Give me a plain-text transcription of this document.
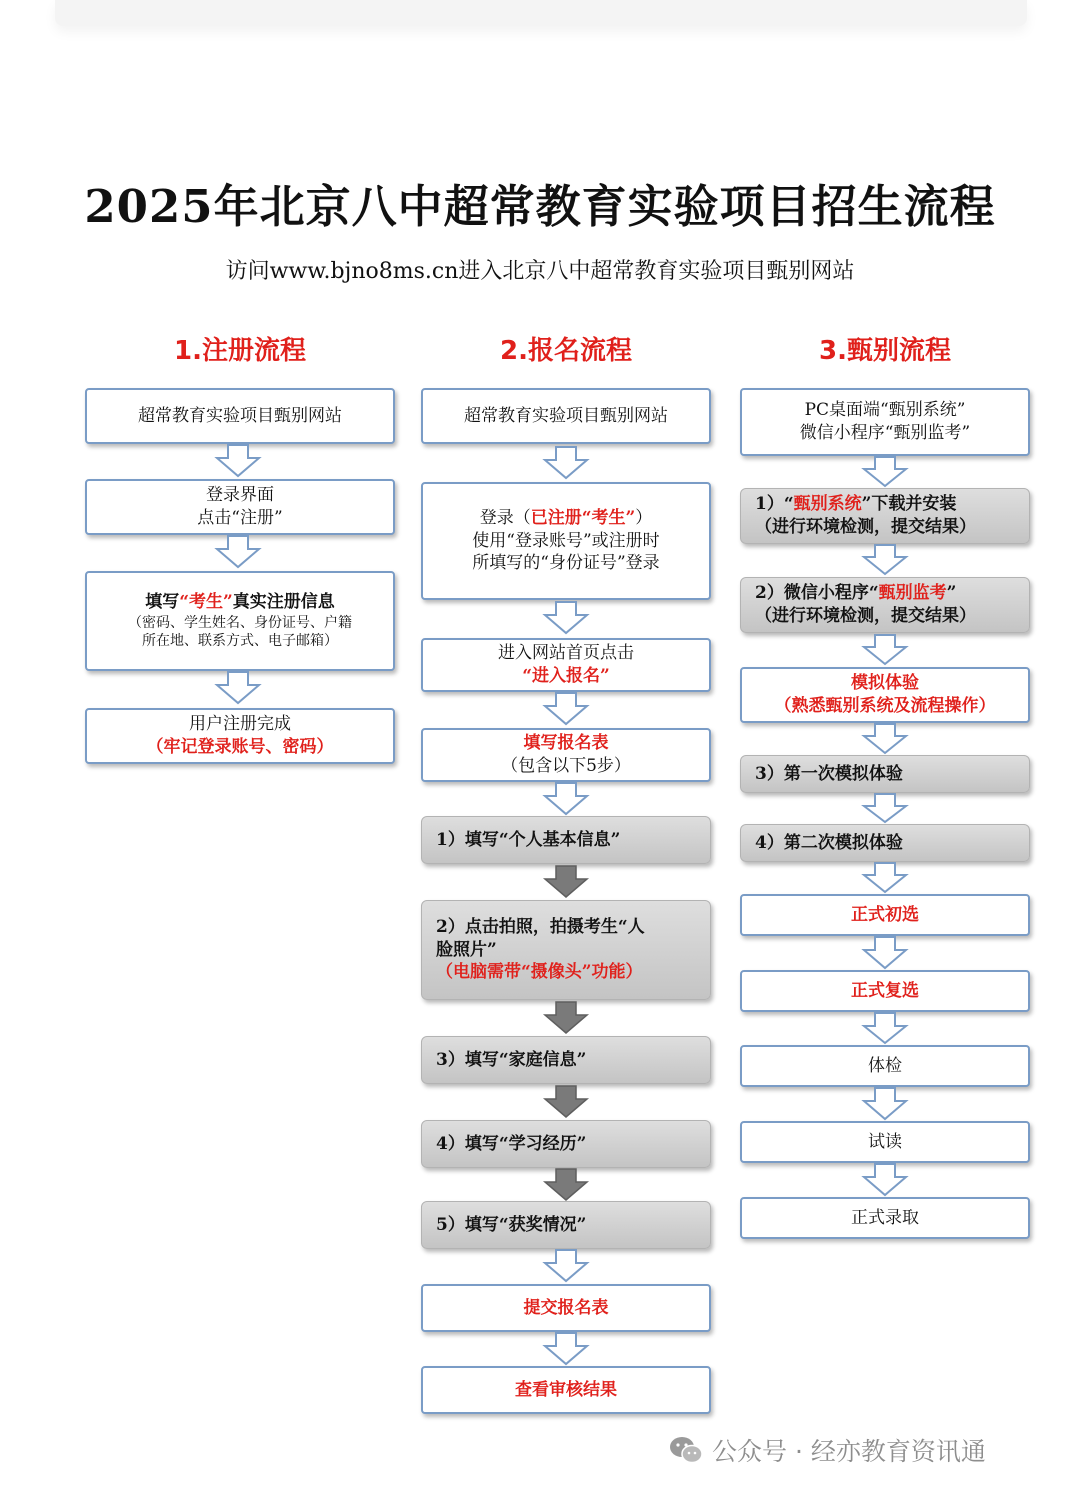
2025年北京八中超常教育实验项目招生流程
访问www.bjno8ms.cn进入北京八中超常教育实验项目甄别网站
1.注册流程	2.报名流程	3.甄别流程
超常教育实验项目甄别网站
登录界面
点击“注册”
填写“考生”真实注册信息
（密码、学生姓名、身份证号、户籍
所在地、联系方式、电子邮箱）
用户注册完成
（牢记登录账号、密码）
超常教育实验项目甄别网站
登录（已注册“考生”）
使用“登录账号”或注册时
所填写的“身份证号”登录
进入网站首页点击
“进入报名”
填写报名表
（包含以下5步）
1）填写“个人基本信息”
2）点击拍照，拍摄考生“人
脸照片”
（电脑需带“摄像头”功能）
3）填写“家庭信息”
4）填写“学习经历”
5）填写“获奖情况”
提交报名表
查看审核结果
PC桌面端“甄别系统”
微信小程序“甄别监考”
1）“甄别系统”下载并安装
（进行环境检测，提交结果）
2）微信小程序“甄别监考”
（进行环境检测，提交结果）
模拟体验
（熟悉甄别系统及流程操作）
3）第一次模拟体验
4）第二次模拟体验
正式初选
正式复选
体检
试读
正式录取
公众号 · 经亦教育资讯通
